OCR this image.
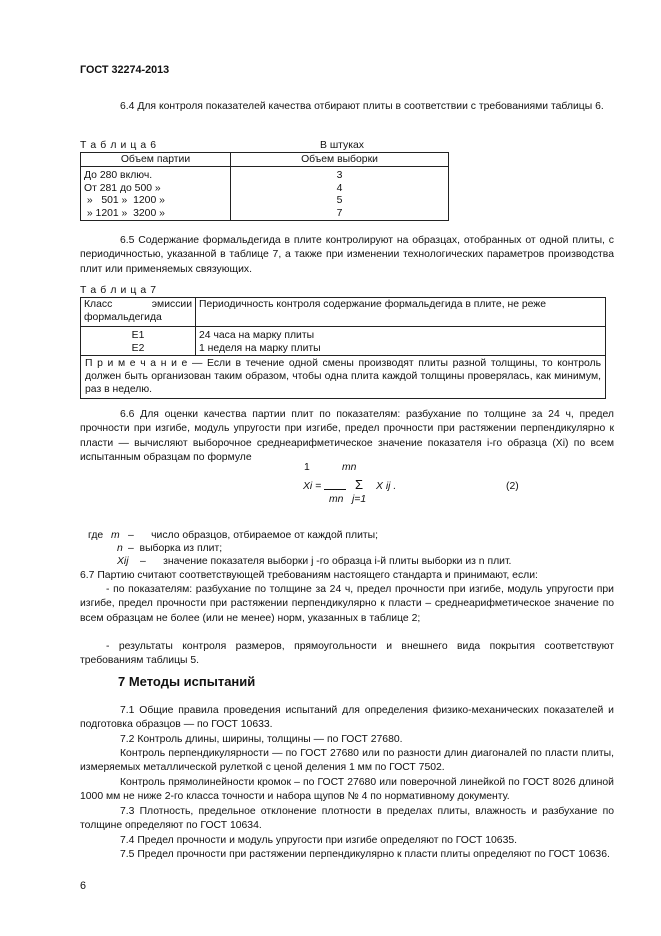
ГОСТ 32274-2013
6.4 Для контроля показателей качества отбирают плиты в соответствии с требованиями таблицы 6.
Т а б л и ц а 6	В штуках
Объем партии	Объем выборки
До 280 включ.	3
От 281 до 500 »	4
»   501 »  1200 »	5
» 1201 »  3200 »	7
6.5 Содержание формальдегида в плите контролируют на образцах, отобранных от одной плиты, с периодичностью, указанной в таблице 7, а также при изменении технологических параметров производства плит или применяемых связующих.
Т а б л и ц а 7
Класс эмиссии формальдегида	Периодичность контроля содержание формальдегида в плите, не реже
Е1	24 часа на марку плиты
Е2	1 неделя на марку плиты
П р и м е ч а н и е — Если в течение одной смены производят плиты разной толщины, то контроль должен быть организован таким образом, чтобы одна плита каждой толщины проверялась, как минимум, раз в неделю.	
6.6 Для оценки качества партии плит по показателям: разбухание по толщине за 24 ч, предел прочности при изгибе, модуль упругости при изгибе, предел прочности при растяжении перпендикулярно к пласти — вычисляют выборочное среднеарифметическое значение показателя i-го образца (Xi) по всем испытанным образцам по формуле
1	mn
Xi =	Σ X ij .	(2)
mn j=1
где m –      число образцов, отбираемое от каждой плиты;
n –  выборка из плит;
Xij –      значение показателя выборки j -го образца i-й плиты выборки из n плит.
6.7 Партию считают соответствующей требованиям настоящего стандарта и принимают, если:
- по показателям: разбухание по толщине за 24 ч, предел прочности при изгибе, модуль упругости при изгибе, предел прочности при растяжении перпендикулярно к пласти – среднеарифметическое значение по всем образцам не более (или не менее) норм, указанных в таблице 2;
- результаты контроля размеров, прямоугольности и внешнего вида покрытия соответствуют требованиям таблицы 5.
7 Методы испытаний
7.1 Общие правила проведения испытаний для определения физико-механических показателей и подготовка образцов — по ГОСТ 10633.
7.2 Контроль длины, ширины, толщины — по ГОСТ 27680.
Контроль перпендикулярности — по ГОСТ 27680 или по разности длин диагоналей по пласти плиты, измеряемых металлической рулеткой с ценой деления 1 мм по ГОСТ 7502.
Контроль прямолинейности кромок – по ГОСТ 27680 или поверочной линейкой по ГОСТ 8026 длиной 1000 мм не ниже 2-го класса точности и набора щупов № 4 по нормативному документу.
7.3 Плотность, предельное отклонение плотности в пределах плиты, влажность и разбухание по толщине определяют по ГОСТ 10634.
7.4 Предел прочности и модуль упругости при изгибе определяют по ГОСТ 10635.
7.5 Предел прочности при растяжении перпендикулярно к пласти плиты определяют по ГОСТ 10636.
6
